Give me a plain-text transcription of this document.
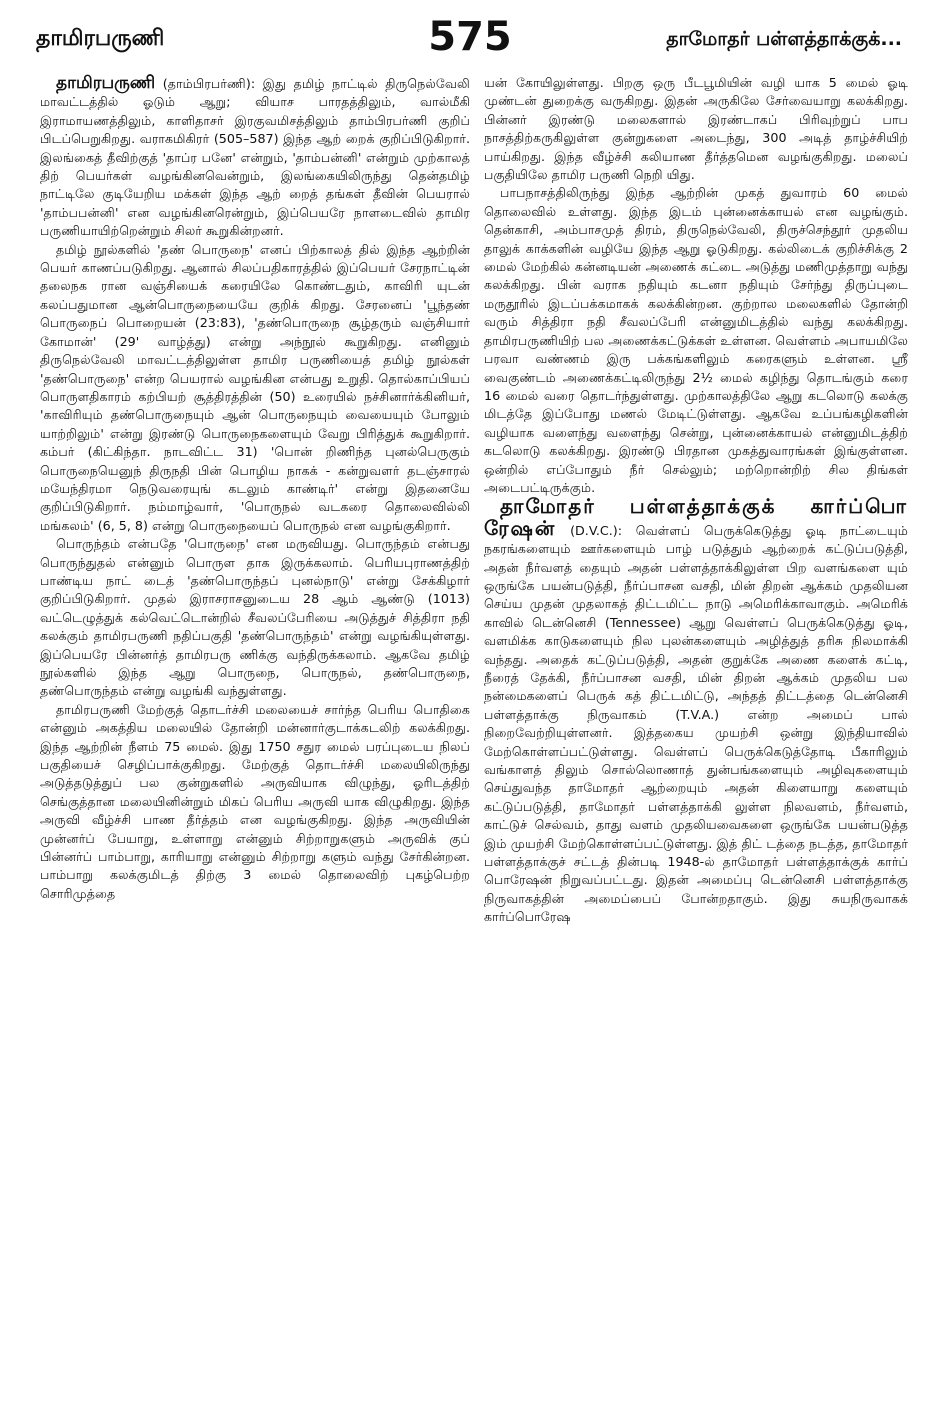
தாமிரபருணி	575	தாமோதர் பள்ளத்தாக்குக்...

தாமிரபருணி (தாம்பிரபர்ணி): இது தமிழ் நாட்டில் திருநெல்வேலி மாவட்டத்தில் ஓடும் ஆறு; வியாச பாரதத்திலும், வால்மீகி இராமாயணத்திலும், காளிதாசர் இரகுவமிசத்திலும் தாம்பிரபர்ணி குறிப் பிடப்பெறுகிறது. வராகமிகிரர் (505–587) இந்த ஆற் றைக் குறிப்பிடுகிறார். இலங்கைத் தீவிற்குத் 'தாப்ர பனே' என்றும், 'தாம்பன்னி' என்றும் முற்காலத் திற் பெயர்கள் வழங்கினவென்றும், இலங்கையிலிருந்து தென்தமிழ் நாட்டிலே குடியேறிய மக்கள் இந்த ஆற் றைத் தங்கள் தீவின் பெயரால் 'தாம்பபன்னி' என வழங்கினரென்றும், இப்பெயரே நாளடைவில் தாமிர பருணியாயிற்றென்றும் சிலர் கூறுகின்றனர்.

தமிழ் நூல்களில் 'தண் பொருநை' எனப் பிற்காலத் தில் இந்த ஆற்றின் பெயர் காணப்படுகிறது. ஆனால் சிலப்பதிகாரத்தில் இப்பெயர் சேரநாட்டின் தலைநக ரான வஞ்சியைக் கரையிலே கொண்டதும், காவிரி யுடன் கலப்பதுமான ஆன்பொருநையையே குறிக் கிறது. சேரனைப் 'பூந்தண் பொருநைப் பொறையன் (23:83), 'தண்பொருநை சூழ்தரும் வஞ்சியார் கோமான்' (29' வாழ்த்து) என்று அந்நூல் கூறுகிறது. எனினும் திருநெல்வேலி மாவட்டத்திலுள்ள தாமிர பருணியைத் தமிழ் நூல்கள் 'தண்பொருநை' என்ற பெயரால் வழங்கின என்பது உறுதி. தொல்காப்பியப் பொருளதிகாரம் கற்பியற் சூத்திரத்தின் (50) உரையில் நச்சினார்க்கினியர், 'காவிரியும் தண்பொருநையும் ஆன் பொருநையும் வையையும் போலும் யாற்றிலும்' என்று இரண்டு பொருநைகளையும் வேறு பிரித்துக் கூறுகிறார். கம்பர் (கிட்கிந்தா. நாடவிட்ட 31) 'பொன் றிணிந்த புனல்பெருகும் பொருநையெனுந் திருநதி பின் பொழிய நாகக் - கன்றுவளர் தடஞ்சாரல் மயேந்திரமா நெடுவரையுங் கடலும் காண்டிர்' என்று இதனையே குறிப்பிடுகிறார். நம்மாழ்வார், 'பொருநல் வடகரை தொலைவில்லி மங்கலம்' (6, 5, 8) என்று பொருநையைப் பொருநல் என வழங்குகிறார்.

பொருந்தம் என்பதே 'பொருநை' என மருவியது. பொருந்தம் என்பது பொருந்துதல் என்னும் பொருள தாக இருக்கலாம். பெரியபுராணத்திற் பாண்டிய நாட் டைத் 'தண்பொருந்தப் புனல்நாடு' என்று சேக்கிழார் குறிப்பிடுகிறார். முதல் இராசராசனுடைய 28 ஆம் ஆண்டு (1013) வட்டெழுத்துக் கல்வெட்டொன்றில் சீவலப்பேரியை அடுத்துச் சித்திரா நதி கலக்கும் தாமிரபருணி நதிப்பகுதி 'தண்பொருந்தம்' என்று வழங்கியுள்ளது. இப்பெயரே பின்னர்த் தாமிரபரு ணிக்கு வந்திருக்கலாம். ஆகவே தமிழ் நூல்களில் இந்த ஆறு பொருநை, பொருநல், தண்பொருநை, தண்பொருந்தம் என்று வழங்கி வந்துள்ளது.

தாமிரபருணி மேற்குத் தொடர்ச்சி மலையைச் சார்ந்த பெரிய பொதிகை என்னும் அகத்திய மலையில் தோன்றி மன்னார்குடாக்கடலிற் கலக்கிறது. இந்த ஆற்றின் நீளம் 75 மைல். இது 1750 சதுர மைல் பரப்புடைய நிலப் பகுதியைச் செழிப்பாக்குகிறது. மேற்குத் தொடர்ச்சி மலையிலிருந்து அடுத்தடுத்துப் பல குன்றுகளில் அருவியாக விழுந்து, ஓரிடத்திற் செங்குத்தான மலையினின்றும் மிகப் பெரிய அருவி யாக விழுகிறது. இந்த அருவி வீழ்ச்சி பாண தீர்த்தம் என வழங்குகிறது. இந்த அருவியின் முன்னர்ப் பேயாறு, உள்ளாறு என்னும் சிற்றாறுகளும் அருவிக் குப் பின்னர்ப் பாம்பாறு, காரியாறு என்னும் சிற்றாறு களும் வந்து சேர்கின்றன. பாம்பாறு கலக்குமிடத் திற்கு 3 மைல் தொலைவிற் புகழ்பெற்ற சொரிமுத்தை

யன் கோயிலுள்ளது. பிறகு ஒரு பீடபூமியின் வழி யாக 5 மைல் ஓடி முண்டன் துறைக்கு வருகிறது. இதன் அருகிலே சேர்வையாறு கலக்கிறது. பின்னர் இரண்டு மலைகளால் இரண்டாகப் பிரிவுற்றுப் பாப நாசத்திற்கருகிலுள்ள குன்றுகளை அடைந்து, 300 அடித் தாழ்ச்சியிற் பாய்கிறது. இந்த வீழ்ச்சி கலியாண தீர்த்தமென வழங்குகிறது. மலைப் பகுதியிலே தாமிர பருணி நெறி யிது.

பாபநாசத்திலிருந்து இந்த ஆற்றின் முகத் துவாரம் 60 மைல் தொலைவில் உள்ளது. இந்த இடம் புன்னைக்காயல் என வழங்கும். தென்காசி, அம்பாசமுத் திரம், திருநெல்வேலி, திருச்செந்தூர் முதலிய தாலுக் காக்களின் வழியே இந்த ஆறு ஓடுகிறது. கல்லிடைக் குறிச்சிக்கு 2 மைல் மேற்கில் கன்னடியன் அணைக் கட்டை அடுத்து மணிமுத்தாறு வந்து கலக்கிறது. பின் வராக நதியும் கடனா நதியும் சேர்ந்து திருப்புடை மருதூரில் இடப்பக்கமாகக் கலக்கின்றன. குற்றால மலைகளில் தோன்றி வரும் சித்திரா நதி சீவலப்பேரி என்னுமிடத்தில் வந்து கலக்கிறது. தாமிரபருணியிற் பல அணைக்கட்டுக்கள் உள்ளன. வெள்ளம் அபாயமிலே பரவா வண்ணம் இரு பக்கங்களிலும் கரைகளும் உள்ளன. ஸ்ரீ வைகுண்டம் அணைக்கட்டிலிருந்து 2½ மைல் கழிந்து தொடங்கும் கரை 16 மைல் வரை தொடர்ந்துள்ளது. முற்காலத்திலே ஆறு கடலொடு கலக்கு மிடத்தே இப்போது மணல் மேடிட்டுள்ளது. ஆகவே உப்பங்கழிகளின் வழியாக வளைந்து வளைந்து சென்று, புன்னைக்காயல் என்னுமிடத்திற் கடலொடு கலக்கிறது. இரண்டு பிரதான முகத்துவாரங்கள் இங்குள்ளன. ஒன்றில் எப்போதும் நீர் செல்லும்; மற்றொன்றிற் சில திங்கள் அடைபட்டிருக்கும்.

தாமோதர் பள்ளத்தாக்குக் கார்ப்பொ ரேஷன் (D.V.C.): வெள்ளப் பெருக்கெடுத்து ஓடி நாட்டையும் நகரங்களையும் ஊர்களையும் பாழ் படுத்தும் ஆற்றைக் கட்டுப்படுத்தி, அதன் நீர்வளத் தையும் அதன் பள்ளத்தாக்கிலுள்ள பிற வளங்களை யும் ஒருங்கே பயன்படுத்தி, நீர்ப்பாசன வசதி, மின் திறன் ஆக்கம் முதலியன செய்ய முதன் முதலாகத் திட்டமிட்ட நாடு அமெரிக்காவாகும். அமெரிக் காவில் டென்னெசி (Tennessee) ஆறு வெள்ளப் பெருக்கெடுத்து ஓடி, வளமிக்க காடுகளையும் நில புலன்களையும் அழித்துத் தரிசு நிலமாக்கி வந்தது. அதைக் கட்டுப்படுத்தி, அதன் குறுக்கே அணை களைக் கட்டி, நீரைத் தேக்கி, நீர்ப்பாசன வசதி, மின் திறன் ஆக்கம் முதலிய பல நன்மைகளைப் பெருக் கத் திட்டமிட்டு, அந்தத் திட்டத்தை டென்னெசி பள்ளத்தாக்கு நிருவாகம் (T.V.A.) என்ற அமைப் பால் நிறைவேற்றியுள்ளனர். இத்தகைய முயற்சி ஒன்று இந்தியாவில் மேற்கொள்ளப்பட்டுள்ளது. வெள்ளப் பெருக்கெடுத்தோடி பீகாரிலும் வங்காளத் திலும் சொல்லொணாத் துன்பங்களையும் அழிவுகளையும் செய்துவந்த தாமோதர் ஆற்றையும் அதன் கிளையாறு களையும் கட்டுப்படுத்தி, தாமோதர் பள்ளத்தாக்கி லுள்ள நிலவளம், நீர்வளம், காட்டுச் செல்வம், தாது வளம் முதலியவைகளை ஒருங்கே பயன்படுத்த இம் முயற்சி மேற்கொள்ளப்பட்டுள்ளது. இத் திட் டத்தை நடத்த, தாமோதர் பள்ளத்தாக்குச் சட்டத் தின்படி 1948-ல் தாமோதர் பள்ளத்தாக்குக் கார்ப் பொரேஷன் நிறுவப்பட்டது. இதன் அமைப்பு டென்னெசி பள்ளத்தாக்கு நிருவாகத்தின் அமைப்பைப் போன்றதாகும். இது சுயநிருவாகக் கார்ப்பொரேஷ
